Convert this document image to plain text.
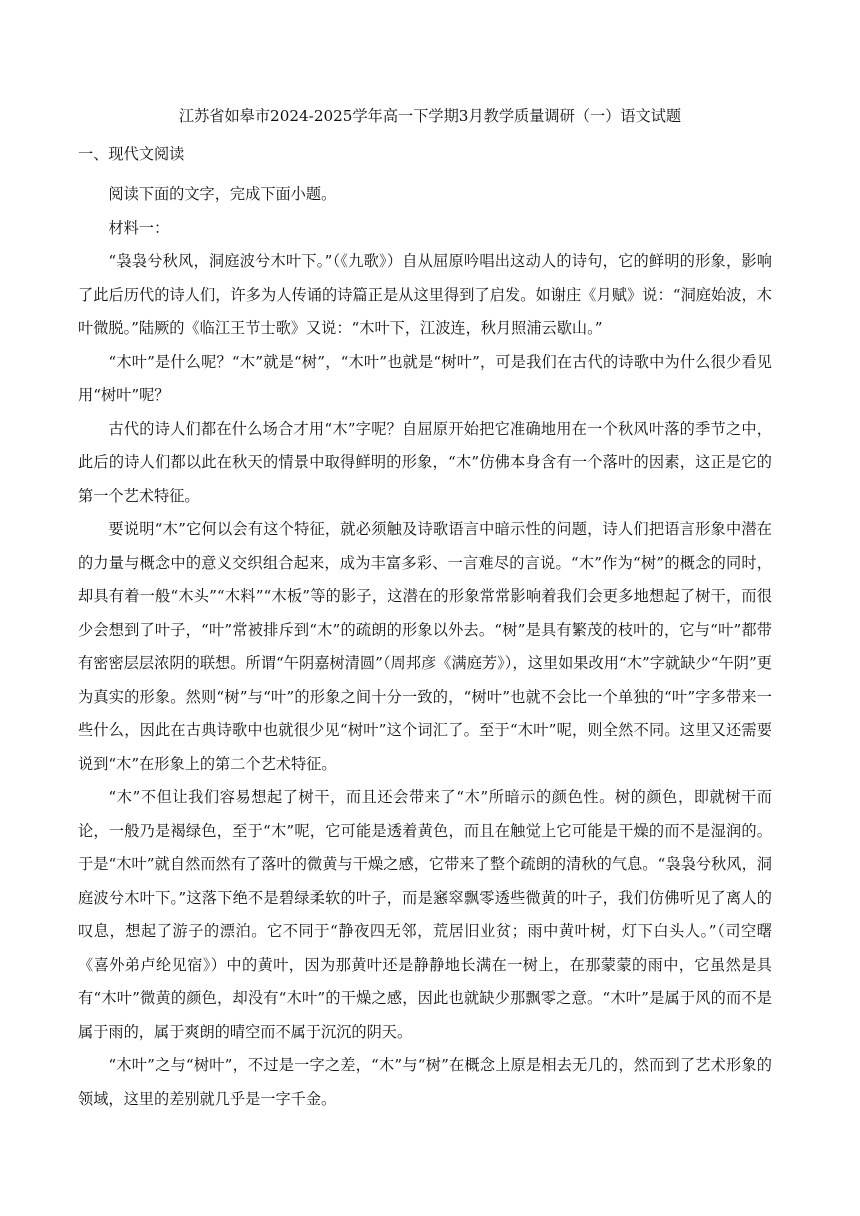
江苏省如皋市2024-2025学年高一下学期3月教学质量调研（一）语文试题
一、现代文阅读

阅读下面的文字，完成下面小题。

材料一：

“袅袅兮秋风，洞庭波兮木叶下。”（《九歌》）自从屈原吟唱出这动人的诗句，它的鲜明的形象，影响了此后历代的诗人们，许多为人传诵的诗篇正是从这里得到了启发。如谢庄《月赋》说：“洞庭始波，木叶微脱。”陆厥的《临江王节士歌》又说：“木叶下，江波连，秋月照浦云歇山。”

“木叶”是什么呢？“木”就是“树”，“木叶”也就是“树叶”，可是我们在古代的诗歌中为什么很少看见用“树叶”呢？

古代的诗人们都在什么场合才用“木”字呢？自屈原开始把它准确地用在一个秋风叶落的季节之中，此后的诗人们都以此在秋天的情景中取得鲜明的形象，“木”仿佛本身含有一个落叶的因素，这正是它的第一个艺术特征。

要说明“木”它何以会有这个特征，就必须触及诗歌语言中暗示性的问题，诗人们把语言形象中潜在的力量与概念中的意义交织组合起来，成为丰富多彩、一言难尽的言说。“木”作为“树”的概念的同时，却具有着一般“木头”“木料”“木板”等的影子，这潜在的形象常常影响着我们会更多地想起了树干，而很少会想到了叶子，“叶”常被排斥到“木”的疏朗的形象以外去。“树”是具有繁茂的枝叶的，它与“叶”都带有密密层层浓阴的联想。所谓“午阴嘉树清圆”（周邦彦《满庭芳》），这里如果改用“木”字就缺少“午阴”更为真实的形象。然则“树”与“叶”的形象之间十分一致的，“树叶”也就不会比一个单独的“叶”字多带来一些什么，因此在古典诗歌中也就很少见“树叶”这个词汇了。至于“木叶”呢，则全然不同。这里又还需要说到“木”在形象上的第二个艺术特征。

“木”不但让我们容易想起了树干，而且还会带来了“木”所暗示的颜色性。树的颜色，即就树干而论，一般乃是褐绿色，至于“木”呢，它可能是透着黄色，而且在触觉上它可能是干燥的而不是湿润的。于是“木叶”就自然而然有了落叶的微黄与干燥之感，它带来了整个疏朗的清秋的气息。“袅袅兮秋风，洞庭波兮木叶下。”这落下绝不是碧绿柔软的叶子，而是窸窣飘零透些微黄的叶子，我们仿佛听见了离人的叹息，想起了游子的漂泊。它不同于“静夜四无邻，荒居旧业贫；雨中黄叶树，灯下白头人。”（司空曙《喜外弟卢纶见宿》）中的黄叶，因为那黄叶还是静静地长满在一树上，在那蒙蒙的雨中，它虽然是具有“木叶”微黄的颜色，却没有“木叶”的干燥之感，因此也就缺少那飘零之意。“木叶”是属于风的而不是属于雨的，属于爽朗的晴空而不属于沉沉的阴天。

“木叶”之与“树叶”，不过是一字之差，“木”与“树”在概念上原是相去无几的，然而到了艺术形象的领域，这里的差别就几乎是一字千金。
